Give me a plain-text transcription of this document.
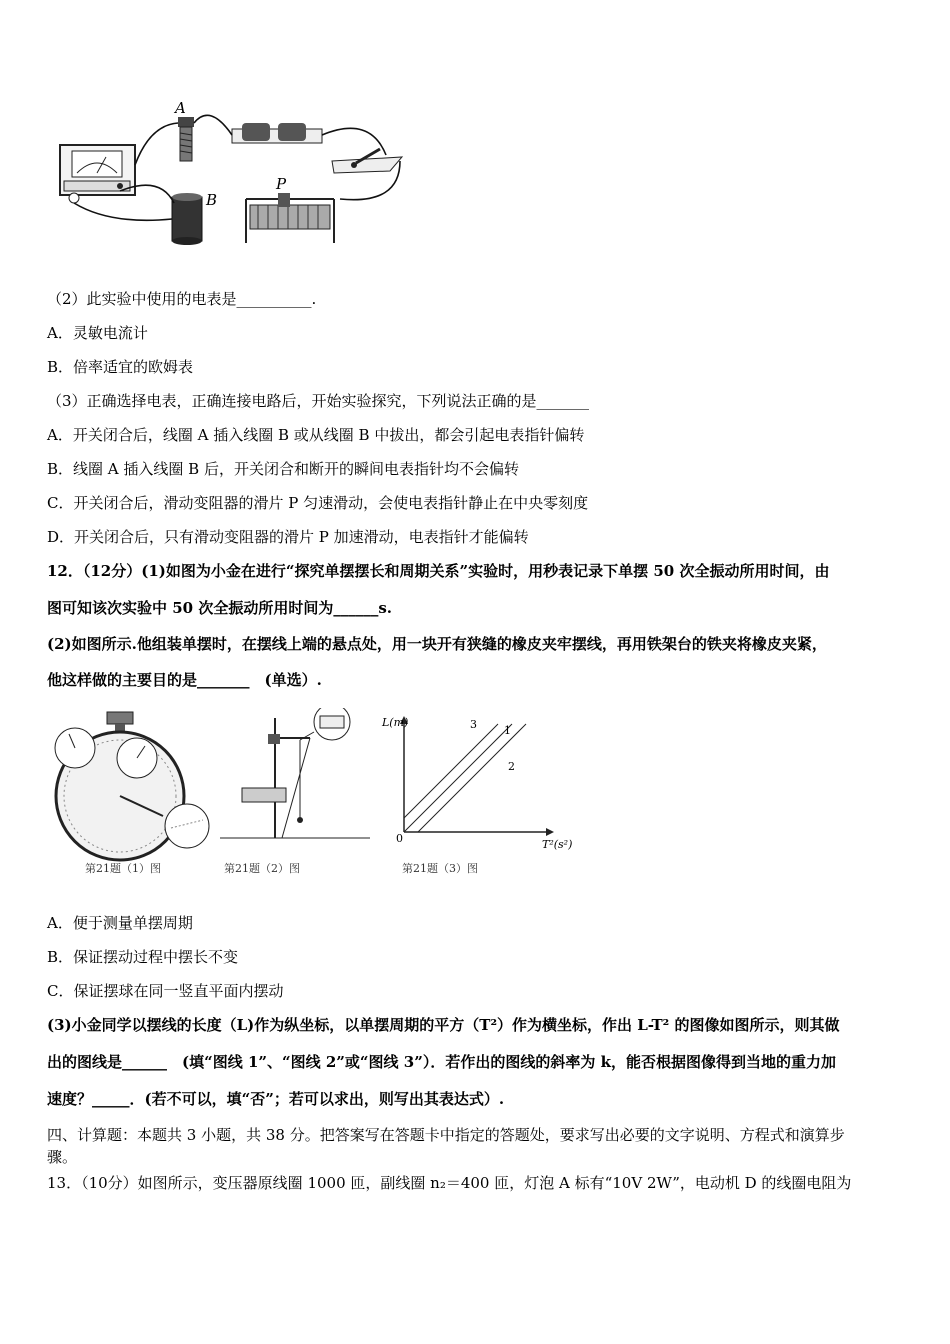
A
B
P
（2）此实验中使用的电表是__________.
A．灵敏电流计
B．倍率适宜的欧姆表
（3）正确选择电表，正确连接电路后，开始实验探究，下列说法正确的是_______
A．开关闭合后，线圈 A 插入线圈 B 或从线圈 B 中拔出，都会引起电表指针偏转
B．线圈 A 插入线圈 B 后，开关闭合和断开的瞬间电表指针均不会偏转
C．开关闭合后，滑动变阻器的滑片 P 匀速滑动，会使电表指针静止在中央零刻度
D．开关闭合后，只有滑动变阻器的滑片 P 加速滑动，电表指针才能偏转
12．（12分）(1)如图为小金在进行“探究单摆摆长和周期关系”实验时，用秒表记录下单摆 50 次全振动所用时间，由
图可知该次实验中 50 次全振动所用时间为______s.
(2)如图所示.他组装单摆时，在摆线上端的悬点处，用一块开有狭缝的橡皮夹牢摆线，再用铁架台的铁夹将橡皮夹紧，
他这样做的主要目的是_______　(单选）.
第21题（1）图	第21题（2）图
L(m)
T²(s²)
0
3 1
2
第21题（3）图
A．便于测量单摆周期
B．保证摆动过程中摆长不变
C．保证摆球在同一竖直平面内摆动
(3)小金同学以摆线的长度（L)作为纵坐标，以单摆周期的平方（T²）作为横坐标，作出 L-T² 的图像如图所示，则其做
出的图线是______　(填“图线 1”、“图线 2”或“图线 3”）．若作出的图线的斜率为 k，能否根据图像得到当地的重力加
速度？_____．(若不可以，填“否”；若可以求出，则写出其表达式）.
四、计算题：本题共 3 小题，共 38 分。把答案写在答题卡中指定的答题处，要求写出必要的文字说明、方程式和演算步
骤。
13．（10分）如图所示，变压器原线圈 1000 匝，副线圈 n₂＝400 匝，灯泡 A 标有“10V 2W”，电动机 D 的线圈电阻为
